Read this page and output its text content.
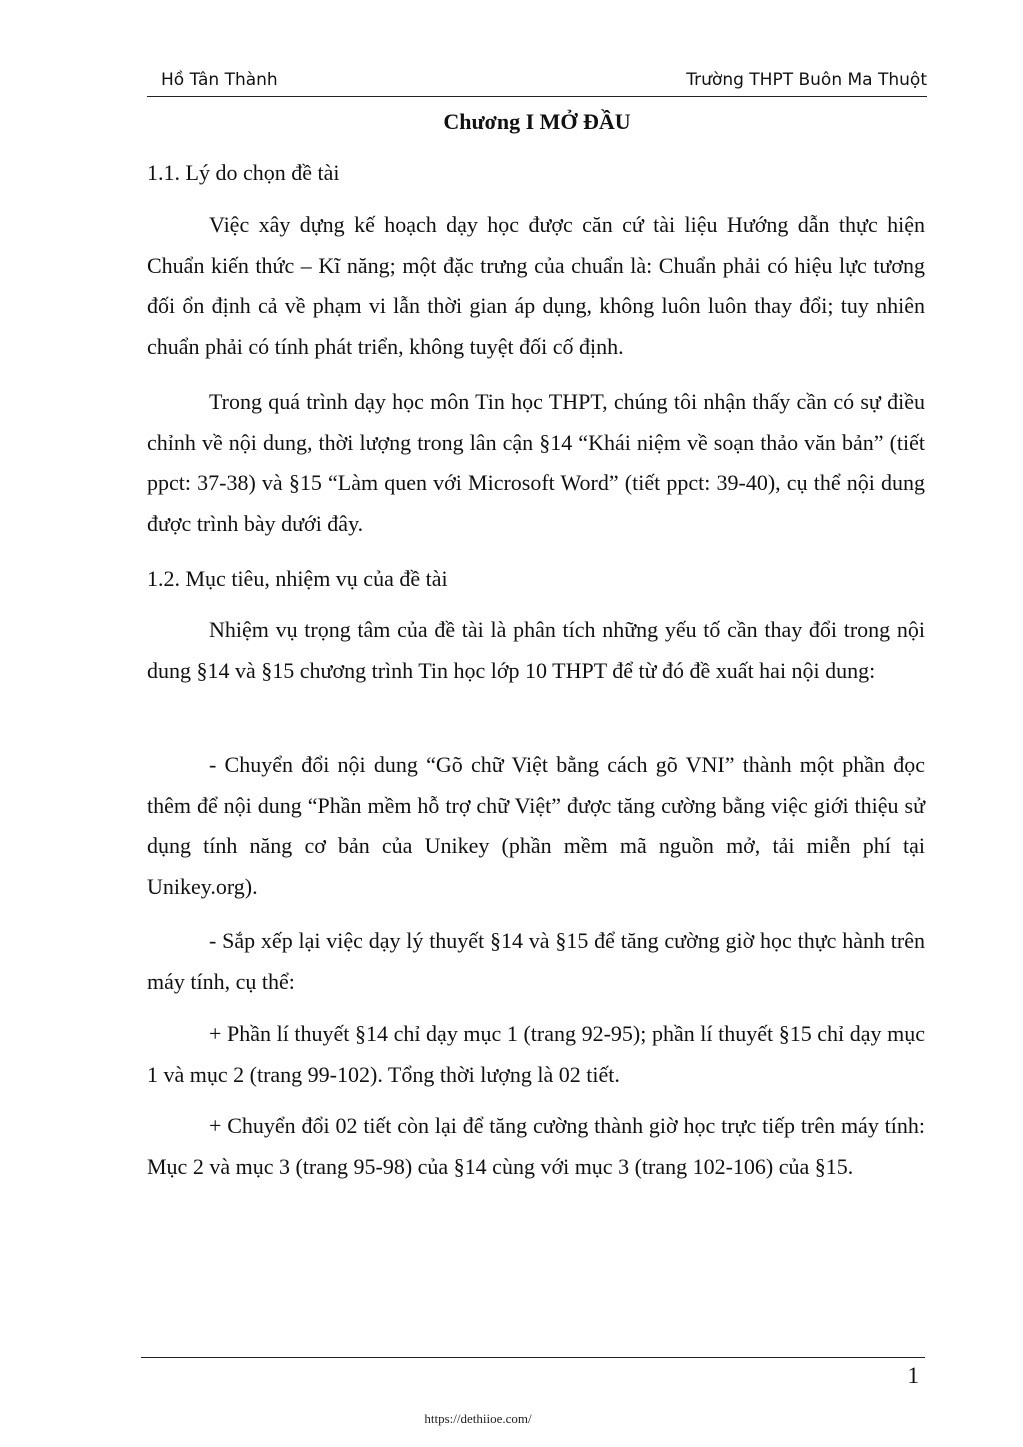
Hồ Tân Thành	Trường THPT Buôn Ma Thuột
Chương I MỞ ĐẦU
1.1. Lý do chọn đề tài

Việc xây dựng kế hoạch dạy học được căn cứ tài liệu Hướng dẫn thực hiện Chuẩn kiến thức – Kĩ năng; một đặc trưng của chuẩn là: Chuẩn phải có hiệu lực tương đối ổn định cả về phạm vi lẫn thời gian áp dụng, không luôn luôn thay đổi; tuy nhiên chuẩn phải có tính phát triển, không tuyệt đối cố định.

Trong quá trình dạy học môn Tin học THPT, chúng tôi nhận thấy cần có sự điều chỉnh về nội dung, thời lượng trong lân cận §14 “Khái niệm về soạn thảo văn bản” (tiết ppct: 37-38) và §15 “Làm quen với Microsoft Word” (tiết ppct: 39-40), cụ thể nội dung được trình bày dưới đây.

1.2. Mục tiêu, nhiệm vụ của đề tài

Nhiệm vụ trọng tâm của đề tài là phân tích những yếu tố cần thay đổi trong nội dung §14 và §15 chương trình Tin học lớp 10 THPT để từ đó đề xuất hai nội dung:

- Chuyển đổi nội dung “Gõ chữ Việt bằng cách gõ VNI” thành một phần đọc thêm để nội dung “Phần mềm hỗ trợ chữ Việt” được tăng cường bằng việc giới thiệu sử dụng tính năng cơ bản của Unikey (phần mềm mã nguồn mở, tải miễn phí tại Unikey.org).

- Sắp xếp lại việc dạy lý thuyết §14 và §15 để tăng cường giờ học thực hành trên máy tính, cụ thể:

+ Phần lí thuyết §14 chỉ dạy mục 1 (trang 92-95); phần lí thuyết §15 chỉ dạy mục 1 và mục 2 (trang 99-102). Tổng thời lượng là 02 tiết.

+ Chuyển đổi 02 tiết còn lại để tăng cường thành giờ học trực tiếp trên máy tính: Mục 2 và mục 3 (trang 95-98) của §14 cùng với mục 3 (trang 102-106) của §15.

1
https://dethiioe.com/
